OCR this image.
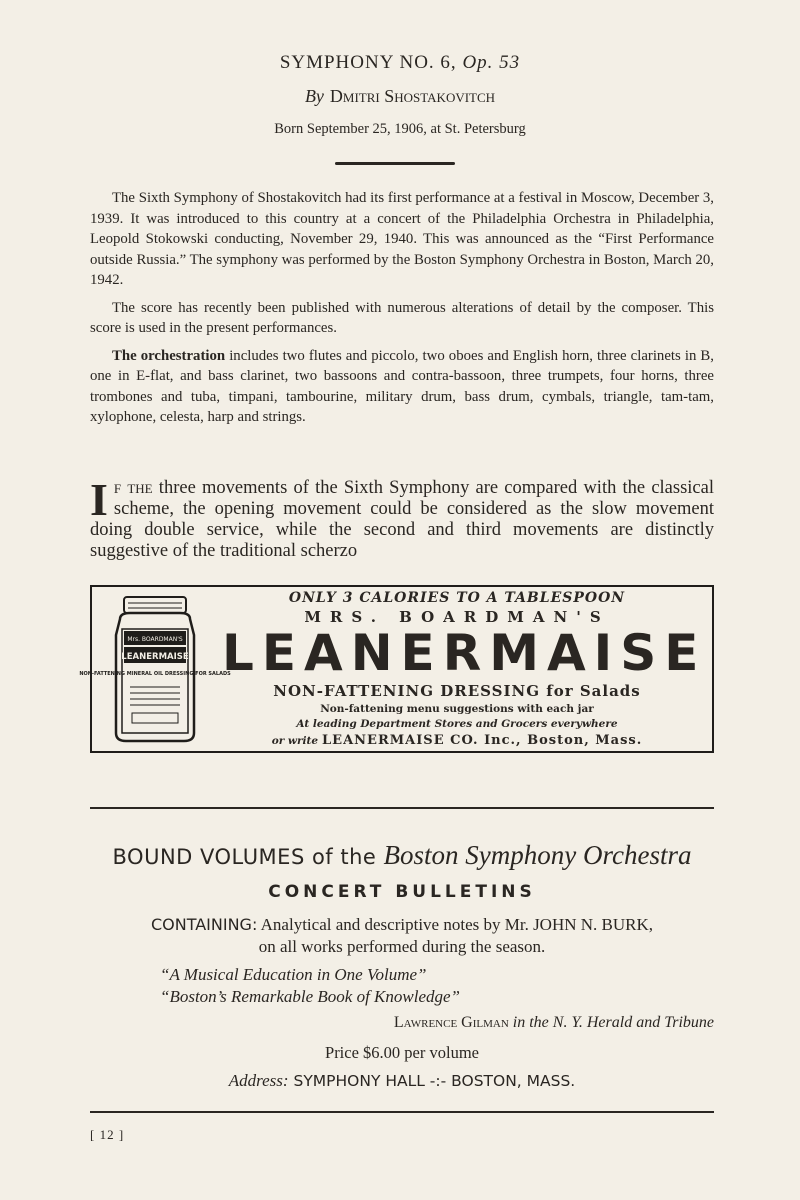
SYMPHONY NO. 6, Op. 53
By Dmitri Shostakovitch
Born September 25, 1906, at St. Petersburg

The Sixth Symphony of Shostakovitch had its first performance at a festival in Moscow, December 3, 1939. It was introduced to this country at a concert of the Philadelphia Orchestra in Philadelphia, Leopold Stokowski conducting, November 29, 1940. This was announced as the “First Performance outside Russia.” The symphony was performed by the Boston Symphony Orchestra in Boston, March 20, 1942.

The score has recently been published with numerous alterations of detail by the composer. This score is used in the present performances.

The orchestration includes two flutes and piccolo, two oboes and English horn, three clarinets in B, one in E-flat, and bass clarinet, two bassoons and contra-bassoon, three trumpets, four horns, three trombones and tuba, timpani, tambourine, military drum, bass drum, cymbals, triangle, tam-tam, xylophone, celesta, harp and strings.

If the three movements of the Sixth Symphony are compared with the classical scheme, the opening movement could be considered as the slow movement doing double service, while the second and third movements are distinctly suggestive of the traditional scherzo
Mrs. BOARDMAN'S
LEANERMAISE
NON-FATTENING MINERAL OIL DRESSING FOR SALADS
ONLY 3 CALORIES TO A TABLESPOON
MRS. BOARDMAN'S
LEANERMAISE
NON-FATTENING DRESSING for Salads
Non-fattening menu suggestions with each jar
At leading Department Stores and Grocers everywhere
or write LEANERMAISE CO. Inc., Boston, Mass.
BOUND VOLUMES of the Boston Symphony Orchestra
CONCERT BULLETINS
CONTAINING: Analytical and descriptive notes by Mr. JOHN N. BURK,
on all works performed during the season.
“A Musical Education in One Volume”
“Boston’s Remarkable Book of Knowledge”
Lawrence Gilman in the N. Y. Herald and Tribune
Price $6.00 per volume
Address: SYMPHONY HALL -:- BOSTON, MASS.
[ 12 ]
